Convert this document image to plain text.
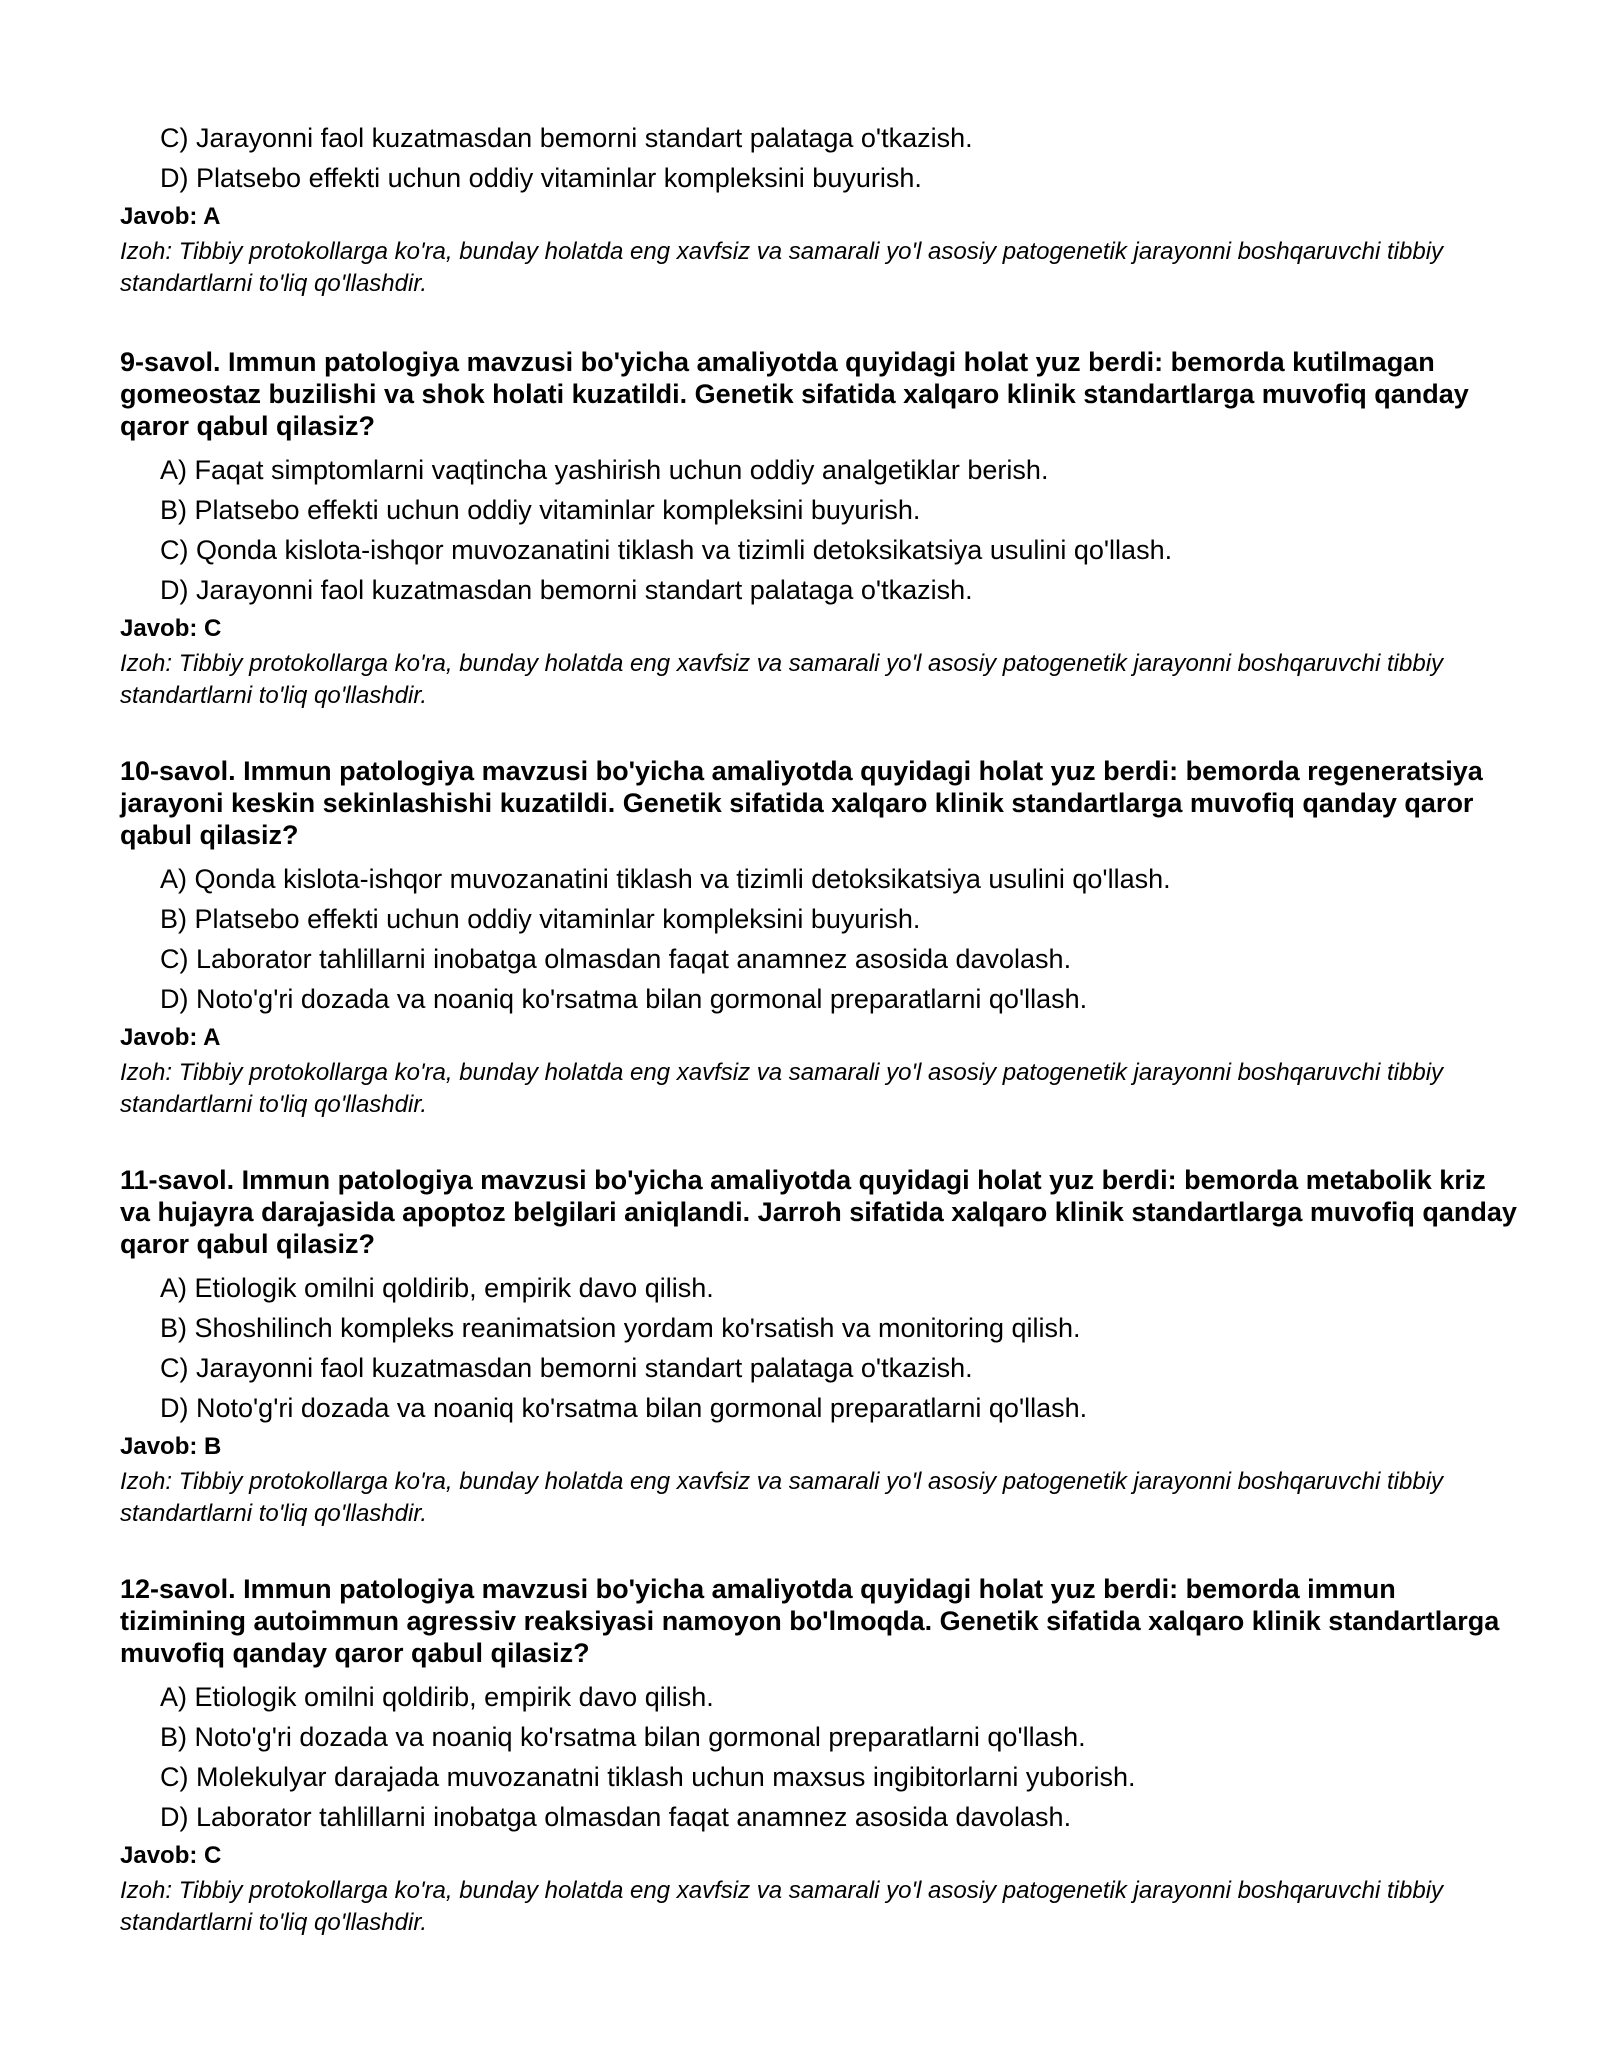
C) Jarayonni faol kuzatmasdan bemorni standart palataga o'tkazish.
D) Platsebo effekti uchun oddiy vitaminlar kompleksini buyurish.
Javob: A
Izoh: Tibbiy protokollarga ko'ra, bunday holatda eng xavfsiz va samarali yo'l asosiy patogenetik jarayonni boshqaruvchi tibbiy standartlarni to'liq qo'llashdir.
9-savol. Immun patologiya mavzusi bo'yicha amaliyotda quyidagi holat yuz berdi: bemorda kutilmagan gomeostaz buzilishi va shok holati kuzatildi. Genetik sifatida xalqaro klinik standartlarga muvofiq qanday qaror qabul qilasiz?
A) Faqat simptomlarni vaqtincha yashirish uchun oddiy analgetiklar berish.
B) Platsebo effekti uchun oddiy vitaminlar kompleksini buyurish.
C) Qonda kislota-ishqor muvozanatini tiklash va tizimli detoksikatsiya usulini qo'llash.
D) Jarayonni faol kuzatmasdan bemorni standart palataga o'tkazish.
Javob: C
Izoh: Tibbiy protokollarga ko'ra, bunday holatda eng xavfsiz va samarali yo'l asosiy patogenetik jarayonni boshqaruvchi tibbiy standartlarni to'liq qo'llashdir.
10-savol. Immun patologiya mavzusi bo'yicha amaliyotda quyidagi holat yuz berdi: bemorda regeneratsiya jarayoni keskin sekinlashishi kuzatildi. Genetik sifatida xalqaro klinik standartlarga muvofiq qanday qaror qabul qilasiz?
A) Qonda kislota-ishqor muvozanatini tiklash va tizimli detoksikatsiya usulini qo'llash.
B) Platsebo effekti uchun oddiy vitaminlar kompleksini buyurish.
C) Laborator tahlillarni inobatga olmasdan faqat anamnez asosida davolash.
D) Noto'g'ri dozada va noaniq ko'rsatma bilan gormonal preparatlarni qo'llash.
Javob: A
Izoh: Tibbiy protokollarga ko'ra, bunday holatda eng xavfsiz va samarali yo'l asosiy patogenetik jarayonni boshqaruvchi tibbiy standartlarni to'liq qo'llashdir.
11-savol. Immun patologiya mavzusi bo'yicha amaliyotda quyidagi holat yuz berdi: bemorda metabolik kriz va hujayra darajasida apoptoz belgilari aniqlandi. Jarroh sifatida xalqaro klinik standartlarga muvofiq qanday qaror qabul qilasiz?
A) Etiologik omilni qoldirib, empirik davo qilish.
B) Shoshilinch kompleks reanimatsion yordam ko'rsatish va monitoring qilish.
C) Jarayonni faol kuzatmasdan bemorni standart palataga o'tkazish.
D) Noto'g'ri dozada va noaniq ko'rsatma bilan gormonal preparatlarni qo'llash.
Javob: B
Izoh: Tibbiy protokollarga ko'ra, bunday holatda eng xavfsiz va samarali yo'l asosiy patogenetik jarayonni boshqaruvchi tibbiy standartlarni to'liq qo'llashdir.
12-savol. Immun patologiya mavzusi bo'yicha amaliyotda quyidagi holat yuz berdi: bemorda immun tizimining autoimmun agressiv reaksiyasi namoyon bo'lmoqda. Genetik sifatida xalqaro klinik standartlarga muvofiq qanday qaror qabul qilasiz?
A) Etiologik omilni qoldirib, empirik davo qilish.
B) Noto'g'ri dozada va noaniq ko'rsatma bilan gormonal preparatlarni qo'llash.
C) Molekulyar darajada muvozanatni tiklash uchun maxsus ingibitorlarni yuborish.
D) Laborator tahlillarni inobatga olmasdan faqat anamnez asosida davolash.
Javob: C
Izoh: Tibbiy protokollarga ko'ra, bunday holatda eng xavfsiz va samarali yo'l asosiy patogenetik jarayonni boshqaruvchi tibbiy standartlarni to'liq qo'llashdir.
